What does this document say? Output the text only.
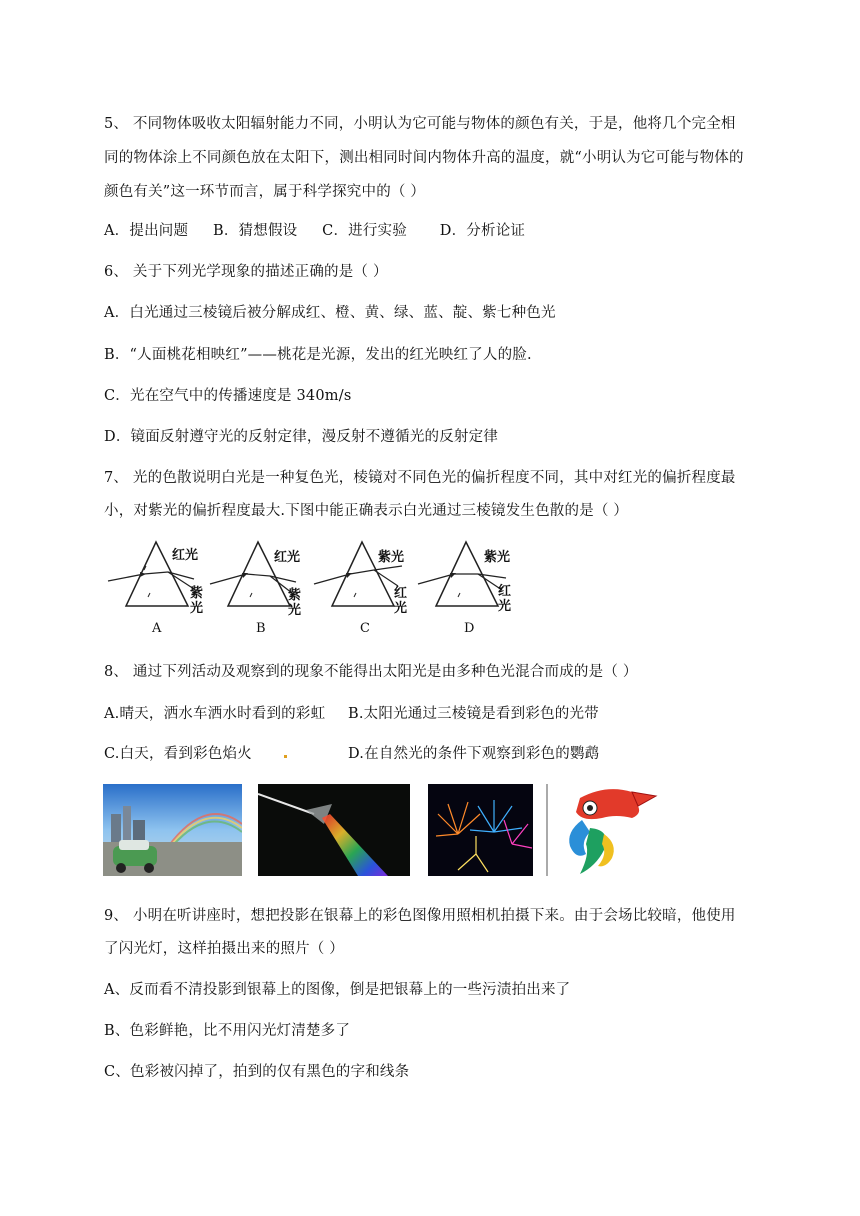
5、 不同物体吸收太阳辐射能力不同，小明认为它可能与物体的颜色有关，于是，他将几个完全相
同的物体涂上不同颜色放在太阳下，测出相同时间内物体升高的温度，就“小明认为它可能与物体的
颜色有关”这一环节而言，属于科学探究中的（ ）
A．提出问题 B．猜想假设 C．进行实验 D．分析论证
6、 关于下列光学现象的描述正确的是（ ）
A．白光通过三棱镜后被分解成红、橙、黄、绿、蓝、靛、紫七种色光
B．“人面桃花相映红”——桃花是光源，发出的红光映红了人的脸.
C．光在空气中的传播速度是 340m/s
D．镜面反射遵守光的反射定律，漫反射不遵循光的反射定律
7、 光的色散说明白光是一种复色光，棱镜对不同色光的偏折程度不同，其中对红光的偏折程度最
小，对紫光的偏折程度最大.下图中能正确表示白光通过三棱镜发生色散的是（ ）
红光
紫光
A
红光
紫光
B
紫光
红光
C
紫光
红光
D
8、 通过下列活动及观察到的现象不能得出太阳光是由多种色光混合而成的是（ ）
A.晴天，洒水车洒水时看到的彩虹 B.太阳光通过三棱镜是看到彩色的光带
C.白天，看到彩色焰火	D.在自然光的条件下观察到彩色的鹦鹉
9、 小明在听讲座时，想把投影在银幕上的彩色图像用照相机拍摄下来。由于会场比较暗，他使用
了闪光灯，这样拍摄出来的照片（ ）
A、反而看不清投影到银幕上的图像，倒是把银幕上的一些污渍拍出来了
B、色彩鲜艳，比不用闪光灯清楚多了
C、色彩被闪掉了，拍到的仅有黑色的字和线条
